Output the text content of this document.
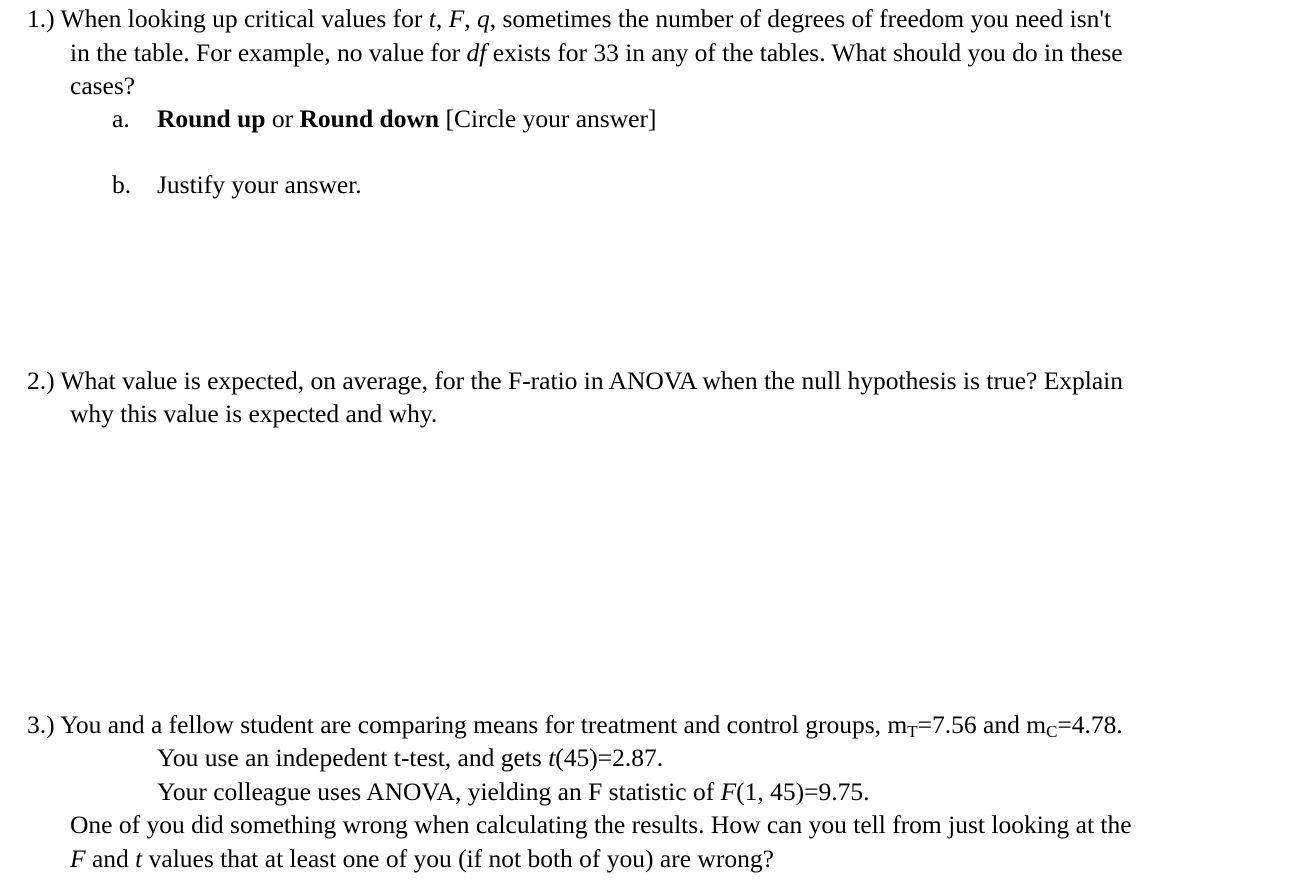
1.) When looking up critical values for t, F, q, sometimes the number of degrees of freedom you need isn't
in the table. For example, no value for df exists for 33 in any of the tables. What should you do in these
cases?
a. Round up or Round down [Circle your answer]
b. Justify your answer.
2.) What value is expected, on average, for the F-ratio in ANOVA when the null hypothesis is true? Explain
why this value is expected and why.
3.) You and a fellow student are comparing means for treatment and control groups, $m_T=7.56$ and $m_C=4.78$.
You use an indepedent t-test, and gets t(45)=2.87.
Your colleague uses ANOVA, yielding an F statistic of F(1, 45)=9.75.
One of you did something wrong when calculating the results. How can you tell from just looking at the
F and t values that at least one of you (if not both of you) are wrong?
